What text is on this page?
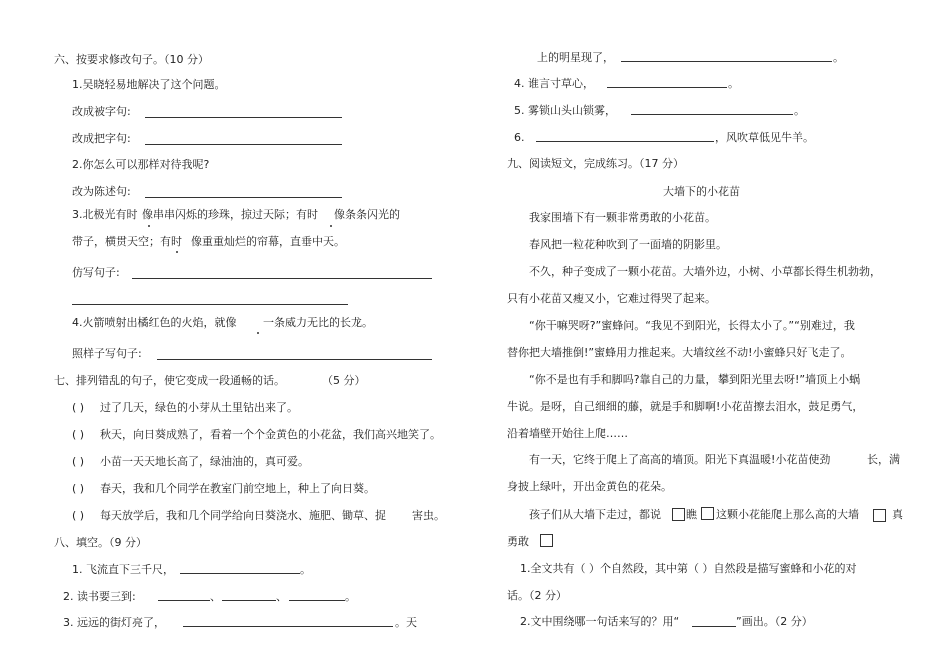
六、按要求修改句子。（10 分）
1.吴晓轻易地解决了这个问题。
改成被字句:
改成把字句:
2.你怎么可以那样对待我呢?
改为陈述句:
3.北极光有时 像串串闪烁的珍珠，掠过天际；有时 像条条闪光的
带子，横贯天空；有时 像重重灿烂的帘幕，直垂中天。
仿写句子:
4.火箭喷射出橘红色的火焰，就像 一条威力无比的长龙。
照样子写句子:
七、排列错乱的句子，使它变成一段通畅的话。	（5 分）
( ) 过了几天，绿色的小芽从土里钻出来了。
( ) 秋天，向日葵成熟了，看着一个个金黄色的小花盆，我们高兴地笑了。
( ) 小苗一天天地长高了，绿油油的，真可爱。
( ) 春天，我和几个同学在教室门前空地上，种上了向日葵。
( ) 每天放学后，我和几个同学给向日葵浇水、施肥、锄草、捉 害虫。
八、填空。（9 分）
1. 飞流直下三千尺，	。
2. 读书要三到:	、	、	。
3. 远远的街灯亮了，	。天
上的明星现了，	。
4. 谁言寸草心，	。
5. 雾锁山头山锁雾，	。
6.	，风吹草低见牛羊。
九、阅读短文，完成练习。（17 分）
大墙下的小花苗
我家围墙下有一颗非常勇敢的小花苗。
春风把一粒花种吹到了一面墙的阴影里。
不久，种子变成了一颗小花苗。大墙外边，小树、小草都长得生机勃勃，
只有小花苗又瘦又小，它难过得哭了起来。
“你干嘛哭呀?”蜜蜂问。“我见不到阳光，长得太小了。”“别难过，我
替你把大墙推倒!”蜜蜂用力推起来。大墙纹丝不动!小蜜蜂只好飞走了。
“你不是也有手和脚吗?靠自己的力量， 攀到阳光里去呀!”墙顶上小蜗
牛说。是呀，自己细细的藤，就是手和脚啊!小花苗擦去泪水，鼓足勇气，
沿着墙壁开始往上爬……
有一天，它终于爬上了高高的墙顶。阳光下真温暖!小花苗使劲	长，满
身披上绿叶，开出金黄色的花朵。
孩子们从大墙下走过，都说 瞧 这颗小花能爬上那么高的大墙	真
勇敢
1.全文共有（ ）个自然段，其中第（ ）自然段是描写蜜蜂和小花的对
话。（2 分）
2.文中围绕哪一句话来写的？用“	”画出。（2 分）
